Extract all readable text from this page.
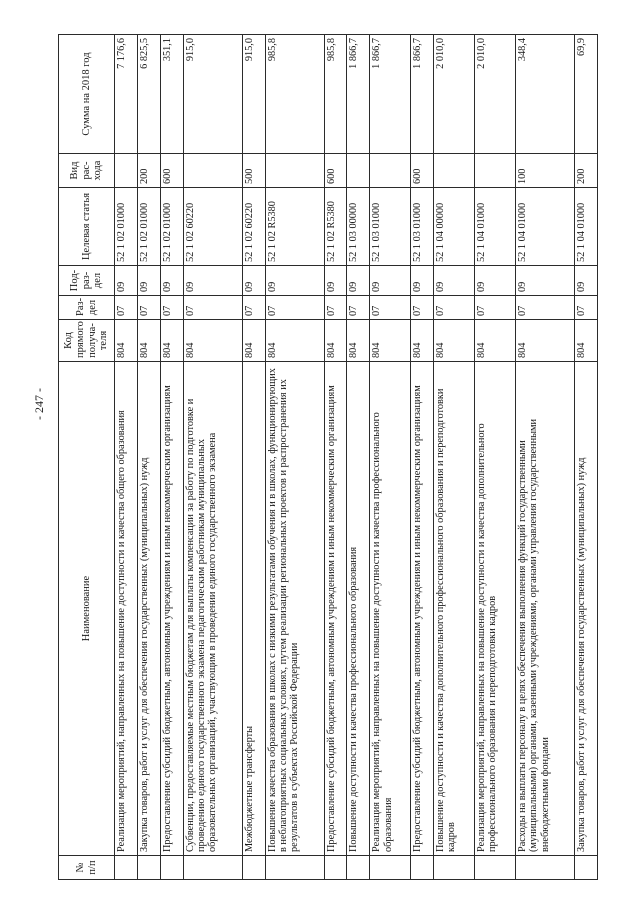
- 247 -
№ п/п	Наименование	Код прямого получа- теля	Раз- дел	Под- раз- дел	Целевая статья	Вид рас- хода	Сумма на 2018 год
	Реализация мероприятий, направленных на повышение доступности и качества общего образования	804	07	09	52 1 02 01000		7 176,6
	Закупка товаров, работ и услуг для обеспечения государственных (муниципальных) нужд	804	07	09	52 1 02 01000	200	6 825,5
	Предоставление субсидий бюджетным, автономным учреждениям и иным некоммерческим организациям	804	07	09	52 1 02 01000	600	351,1
	Субвенции, предоставляемые местным бюджетам для выплаты компенсации за работу по подготовке и проведению единого государственного экзамена педагогическим работникам муниципальных образовательных организаций, участвующим в проведении единого государственного экзамена	804	07	09	52 1 02 60220		915,0
	Межбюджетные трансферты	804	07	09	52 1 02 60220	500	915,0
	Повышение качества образования в школах с низкими результатами обучения и в школах, функционирующих в неблагоприятных социальных условиях, путем реализации региональных проектов и распространения их результатов в субъектах Российской Федерации	804	07	09	52 1 02 R5380		985,8
	Предоставление субсидий бюджетным, автономным учреждениям и иным некоммерческим организациям	804	07	09	52 1 02 R5380	600	985,8
	Повышение доступности и качества профессионального образования	804	07	09	52 1 03 00000		1 866,7
	Реализация мероприятий, направленных на повышение доступности и качества профессионального образования	804	07	09	52 1 03 01000		1 866,7
	Предоставление субсидий бюджетным, автономным учреждениям и иным некоммерческим организациям	804	07	09	52 1 03 01000	600	1 866,7
	Повышение доступности и качества дополнительного профессионального образования и переподготовки кадров	804	07	09	52 1 04 00000		2 010,0
	Реализация мероприятий, направленных на повышение доступности и качества дополнительного профессионального образования и переподготовки кадров	804	07	09	52 1 04 01000		2 010,0
	Расходы на выплаты персоналу в целях обеспечения выполнения функций государственными (муниципальными) органами, казенными учреждениями, органами управления государственными внебюджетными фондами	804	07	09	52 1 04 01000	100	348,4
	Закупка товаров, работ и услуг для обеспечения государственных (муниципальных) нужд	804	07	09	52 1 04 01000	200	69,9
